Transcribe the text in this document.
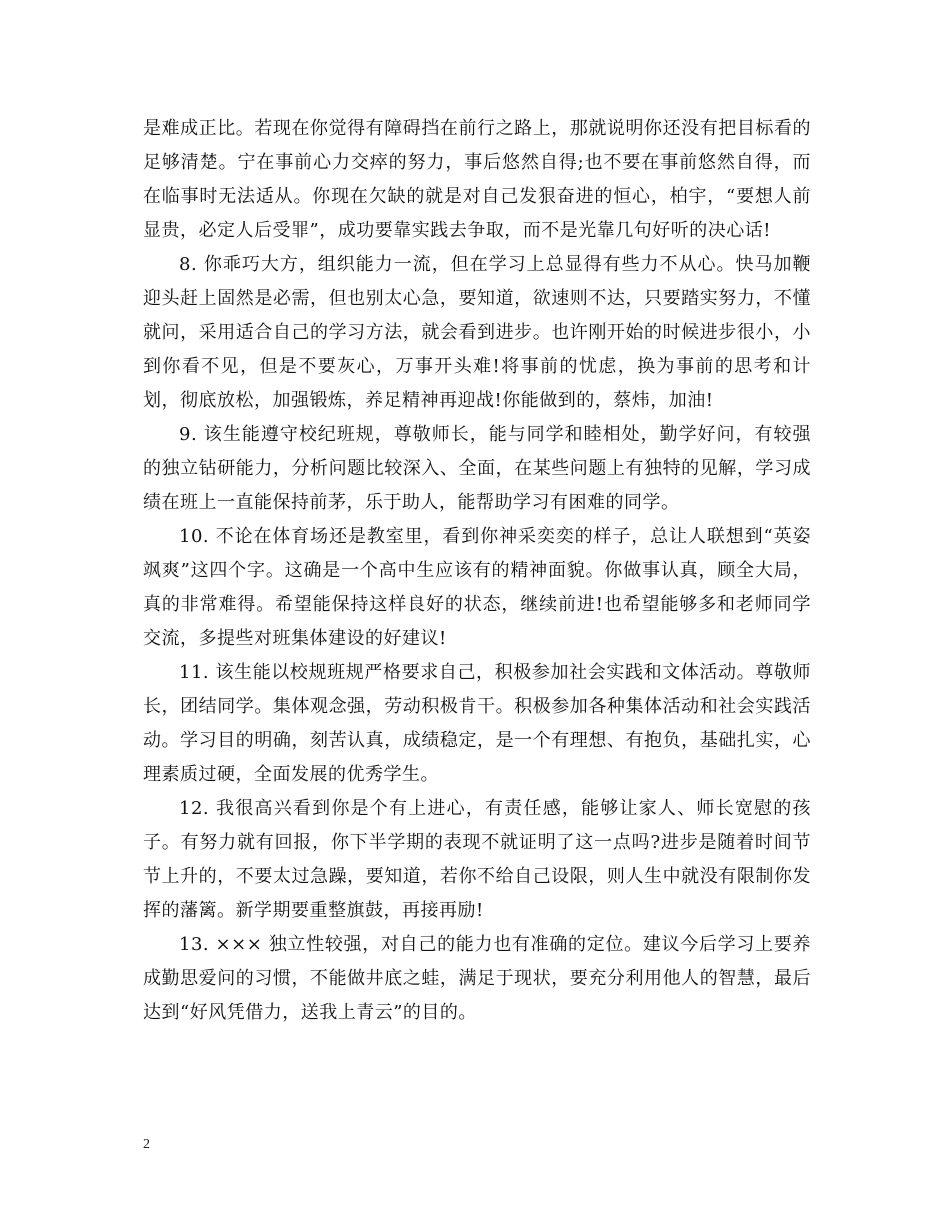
是难成正比。若现在你觉得有障碍挡在前行之路上，那就说明你还没有把目标看的足够清楚。宁在事前心力交瘁的努力，事后悠然自得;也不要在事前悠然自得，而在临事时无法适从。你现在欠缺的就是对自己发狠奋进的恒心，柏宇，“要想人前显贵，必定人后受罪”，成功要靠实践去争取，而不是光靠几句好听的决心话!

8. 你乖巧大方，组织能力一流，但在学习上总显得有些力不从心。快马加鞭迎头赶上固然是必需，但也别太心急，要知道，欲速则不达，只要踏实努力，不懂就问，采用适合自己的学习方法，就会看到进步。也许刚开始的时候进步很小，小到你看不见，但是不要灰心，万事开头难!将事前的忧虑，换为事前的思考和计划，彻底放松，加强锻炼，养足精神再迎战!你能做到的，蔡炜，加油!

9. 该生能遵守校纪班规，尊敬师长，能与同学和睦相处，勤学好问，有较强的独立钻研能力，分析问题比较深入、全面，在某些问题上有独特的见解，学习成绩在班上一直能保持前茅，乐于助人，能帮助学习有困难的同学。

10. 不论在体育场还是教室里，看到你神采奕奕的样子，总让人联想到“英姿飒爽”这四个字。这确是一个高中生应该有的精神面貌。你做事认真，顾全大局，真的非常难得。希望能保持这样良好的状态，继续前进!也希望能够多和老师同学交流，多提些对班集体建设的好建议!

11. 该生能以校规班规严格要求自己，积极参加社会实践和文体活动。尊敬师长，团结同学。集体观念强，劳动积极肯干。积极参加各种集体活动和社会实践活动。学习目的明确，刻苦认真，成绩稳定，是一个有理想、有抱负，基础扎实，心理素质过硬，全面发展的优秀学生。

12. 我很高兴看到你是个有上进心，有责任感，能够让家人、师长宽慰的孩子。有努力就有回报，你下半学期的表现不就证明了这一点吗?进步是随着时间节节上升的，不要太过急躁，要知道，若你不给自己设限，则人生中就没有限制你发挥的藩篱。新学期要重整旗鼓，再接再励!

13. ××× 独立性较强，对自己的能力也有准确的定位。建议今后学习上要养成勤思爱问的习惯，不能做井底之蛙，满足于现状，要充分利用他人的智慧，最后达到“好风凭借力，送我上青云”的目的。

2
